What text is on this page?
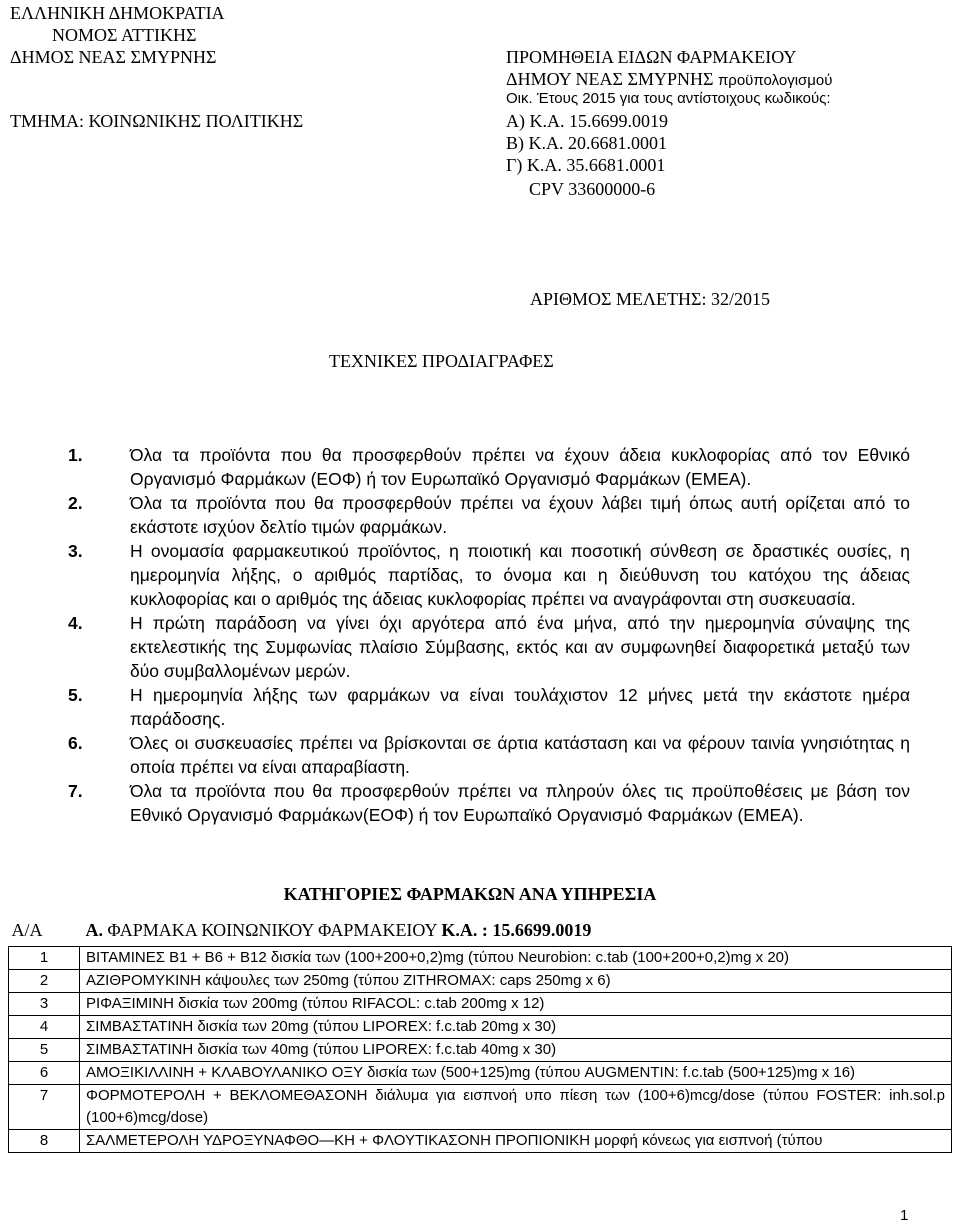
ΕΛΛΗΝΙΚΗ ΔΗΜΟΚΡΑΤΙΑ
ΝΟΜΟΣ ΑΤΤΙΚΗΣ
ΔΗΜΟΣ ΝΕΑΣ ΣΜΥΡΝΗΣ
ΤΜΗΜΑ: ΚΟΙΝΩΝΙΚΗΣ ΠΟΛΙΤΙΚΗΣ
ΠΡΟΜΗΘΕΙΑ ΕΙΔΩΝ ΦΑΡΜΑΚΕΙΟΥ
ΔΗΜΟΥ ΝΕΑΣ ΣΜΥΡΝΗΣ προϋπολογισμού
Οικ. Έτους 2015 για τους αντίστοιχους κωδικούς:
Α) Κ.Α. 15.6699.0019
Β) Κ.Α. 20.6681.0001
Γ) Κ.Α. 35.6681.0001
CPV 33600000-6
ΑΡΙΘΜΟΣ ΜΕΛΕΤΗΣ: 32/2015
ΤΕΧΝΙΚΕΣ ΠΡΟΔΙΑΓΡΑΦΕΣ
1.	Όλα τα προϊόντα που θα προσφερθούν πρέπει να έχουν άδεια κυκλοφορίας από τον Εθνικό Οργανισμό Φαρμάκων (ΕΟΦ) ή τον Ευρωπαϊκό Οργανισμό Φαρμάκων (ΕΜΕΑ).
2.	Όλα τα προϊόντα που θα προσφερθούν πρέπει να έχουν λάβει τιμή όπως αυτή ορίζεται από το εκάστοτε ισχύον δελτίο τιμών φαρμάκων.
3.	Η ονομασία φαρμακευτικού προϊόντος, η ποιοτική και ποσοτική σύνθεση σε δραστικές ουσίες, η ημερομηνία λήξης, ο αριθμός παρτίδας, το όνομα και η διεύθυνση του κατόχου της άδειας κυκλοφορίας και ο αριθμός της άδειας κυκλοφορίας πρέπει να αναγράφονται στη συσκευασία.
4.	Η πρώτη παράδοση να γίνει όχι αργότερα από ένα μήνα, από την ημερομηνία σύναψης της εκτελεστικής της Συμφωνίας πλαίσιο Σύμβασης, εκτός και αν συμφωνηθεί διαφορετικά μεταξύ των δύο συμβαλλομένων μερών.
5.	Η ημερομηνία λήξης των φαρμάκων να είναι τουλάχιστον 12 μήνες μετά την εκάστοτε ημέρα παράδοσης.
6.	Όλες οι συσκευασίες πρέπει να βρίσκονται σε άρτια κατάσταση και να φέρουν ταινία γνησιότητας η οποία πρέπει να είναι απαραβίαστη.
7.	Όλα τα προϊόντα που θα προσφερθούν πρέπει να πληρούν όλες τις προϋποθέσεις με βάση τον Εθνικό Οργανισμό Φαρμάκων(ΕΟΦ) ή τον Ευρωπαϊκό Οργανισμό Φαρμάκων (ΕΜΕΑ).
ΚΑΤΗΓΟΡΙΕΣ ΦΑΡΜΑΚΩΝ ΑΝΑ ΥΠΗΡΕΣΙΑ
Α/Α	Α. ΦΑΡΜΑΚΑ ΚΟΙΝΩΝΙΚΟΥ ΦΑΡΜΑΚΕΙΟΥ Κ.Α. : 15.6699.0019
1	ΒΙΤΑΜΙΝΕΣ Β1 + Β6 + Β12 δισκία των (100+200+0,2)mg (τύπου Neurobion: c.tab (100+200+0,2)mg x 20)
2	ΑΖΙΘΡΟΜΥΚΙΝΗ κάψουλες των 250mg (τύπου ZITHROMAX: caps 250mg x 6)
3	ΡΙΦΑΞΙΜΙΝΗ δισκία των 200mg (τύπου RIFACOL: c.tab 200mg x 12)
4	ΣΙΜΒΑΣΤΑΤΙΝΗ δισκία των 20mg (τύπου LIPOREX: f.c.tab 20mg x 30)
5	ΣΙΜΒΑΣΤΑΤΙΝΗ δισκία των 40mg (τύπου LIPOREX: f.c.tab 40mg x 30)
6	ΑΜΟΞΙΚΙΛΛΙΝΗ + ΚΛΑΒΟΥΛΑΝΙΚΟ ΟΞΥ δισκία των (500+125)mg (τύπου AUGMENTIN: f.c.tab (500+125)mg x 16)
7	ΦΟΡΜΟΤΕΡΟΛΗ + ΒΕΚΛΟΜΕΘΑΣΟΝΗ διάλυμα για εισπνοή υπο πίεση των (100+6)mcg/dose (τύπου FOSTER: inh.sol.p (100+6)mcg/dose)
8	ΣΑΛΜΕΤΕΡΟΛΗ ΥΔΡΟΞΥΝΑΦΘΟ—ΚΗ + ΦΛΟΥΤΙΚΑΣΟΝΗ ΠΡΟΠΙΟΝΙΚΗ μορφή κόνεως για εισπνοή (τύπου
1
